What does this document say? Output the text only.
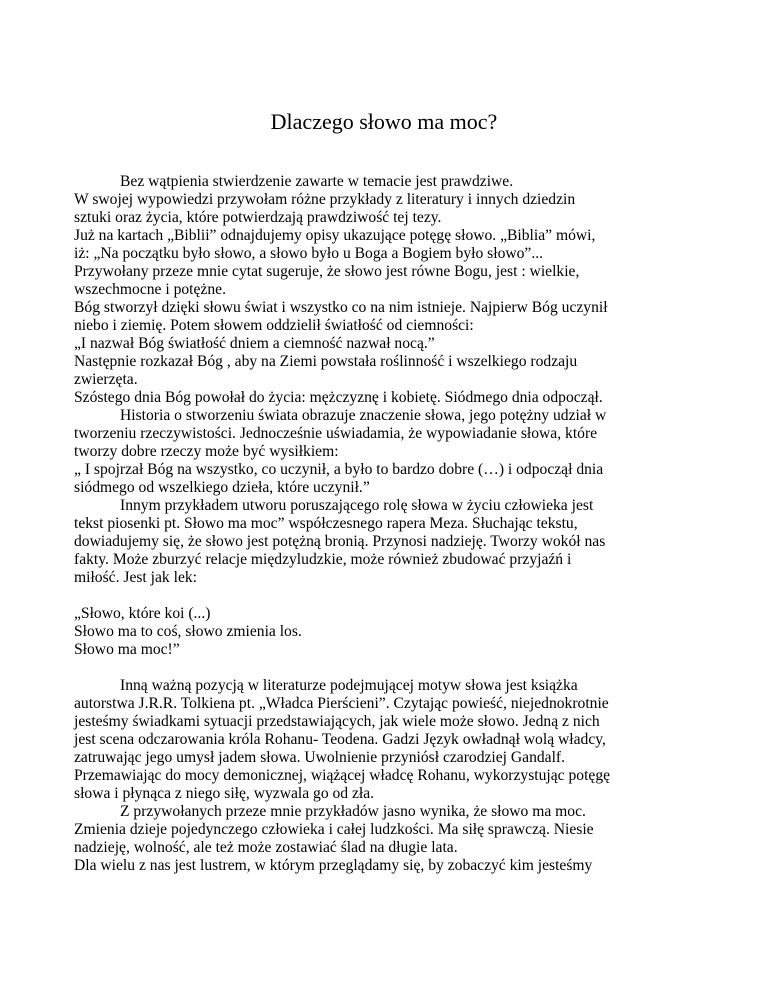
Dlaczego słowo ma moc?
Bez wątpienia stwierdzenie zawarte w temacie jest prawdziwe.
W swojej wypowiedzi przywołam różne przykłady z literatury i innych dziedzin
sztuki oraz życia, które potwierdzają prawdziwość tej tezy.
Już na kartach „Biblii” odnajdujemy opisy ukazujące potęgę słowo. „Biblia” mówi,
iż: „Na początku było słowo, a słowo było u Boga a Bogiem było słowo”...
Przywołany przeze mnie cytat sugeruje, że słowo jest równe Bogu, jest : wielkie,
wszechmocne i potężne.
Bóg stworzył dzięki słowu świat i wszystko co na nim istnieje. Najpierw Bóg uczynił
niebo i ziemię. Potem słowem oddzielił światłość od ciemności:
„I nazwał Bóg światłość dniem a ciemność nazwał nocą.”
Następnie rozkazał Bóg , aby na Ziemi powstała roślinność i wszelkiego rodzaju
zwierzęta.
Szóstego dnia Bóg powołał do życia: mężczyznę i kobietę. Siódmego dnia odpoczął.
Historia o stworzeniu świata obrazuje znaczenie słowa, jego potężny udział w
tworzeniu rzeczywistości. Jednocześnie uświadamia, że wypowiadanie słowa, które
tworzy dobre rzeczy może być wysiłkiem:
„ I spojrzał Bóg na wszystko, co uczynił, a było to bardzo dobre (…) i odpoczął dnia
siódmego od wszelkiego dzieła, które uczynił.”
Innym przykładem utworu poruszającego rolę słowa w życiu człowieka jest
tekst piosenki pt. Słowo ma moc” współczesnego rapera Meza. Słuchając tekstu,
dowiadujemy się, że słowo jest potężną bronią. Przynosi nadzieję. Tworzy wokół nas
fakty. Może zburzyć relacje międzyludzkie, może również zbudować przyjaźń i
miłość. Jest jak lek:
„Słowo, które koi (...)
Słowo ma to coś, słowo zmienia los.
Słowo ma moc!”
Inną ważną pozycją w literaturze podejmującej motyw słowa jest książka
autorstwa J.R.R. Tolkiena pt. „Władca Pierścieni”. Czytając powieść, niejednokrotnie
jesteśmy świadkami sytuacji przedstawiających, jak wiele może słowo. Jedną z nich
jest scena odczarowania króla Rohanu- Teodena. Gadzi Język owładnął wolą władcy,
zatruwając jego umysł jadem słowa. Uwolnienie przyniósł czarodziej Gandalf.
Przemawiając do mocy demonicznej, wiążącej władcę Rohanu, wykorzystując potęgę
słowa i płynąca z niego siłę, wyzwala go od zła.
Z przywołanych przeze mnie przykładów jasno wynika, że słowo ma moc.
Zmienia dzieje pojedynczego człowieka i całej ludzkości. Ma siłę sprawczą. Niesie
nadzieję, wolność, ale też może zostawiać ślad na długie lata.
Dla wielu z nas jest lustrem, w którym przeglądamy się, by zobaczyć kim jesteśmy
